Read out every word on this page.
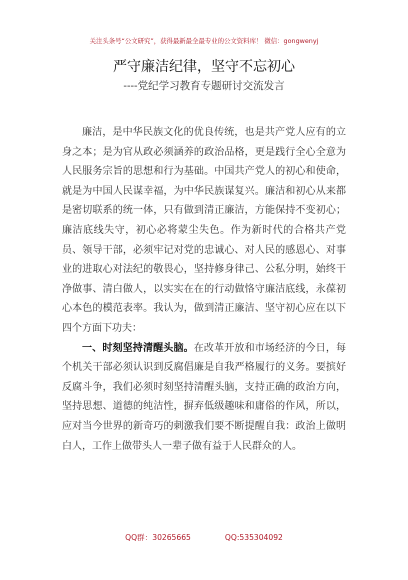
关注头条号“公文研究”，获得最新最全最专业的公文资料库！ 微信：gongwenyj
严守廉洁纪律，坚守不忘初心
----党纪学习教育专题研讨交流发言

廉洁，是中华民族文化的优良传统，也是共产党人应有的立身之本；是为官从政必须涵养的政治品格，更是践行全心全意为人民服务宗旨的思想和行为基础。中国共产党人的初心和使命，就是为中国人民谋幸福，为中华民族谋复兴。廉洁和初心从来都是密切联系的统一体，只有做到清正廉洁，方能保持不变初心；廉洁底线失守，初心必将蒙尘失色。作为新时代的合格共产党员、领导干部，必须牢记对党的忠诚心、对人民的感恩心、对事业的进取心对法纪的敬畏心，坚持修身律己、公私分明，始终干净做事、清白做人，以实实在在的行动做恪守廉洁底线，永葆初心本色的模范表率。我认为，做到清正廉洁、坚守初心应在以下四个方面下功夫：

一、时刻坚持清醒头脑。在改革开放和市场经济的今日，每个机关干部必须认识到反腐倡廉是自我严格履行的义务。要摈好反腐斗争，我们必须时刻坚持清醒头脑，支持正确的政治方向，坚持思想、道德的纯洁性，摒弃低级趣味和庸俗的作风，所以，应对当今世界的新奇巧的刺激我们要不断提醒自我：政治上做明白人，工作上做带头人一辈子做有益于人民群众的人。

QQ群：30265665	QQ:535304092
